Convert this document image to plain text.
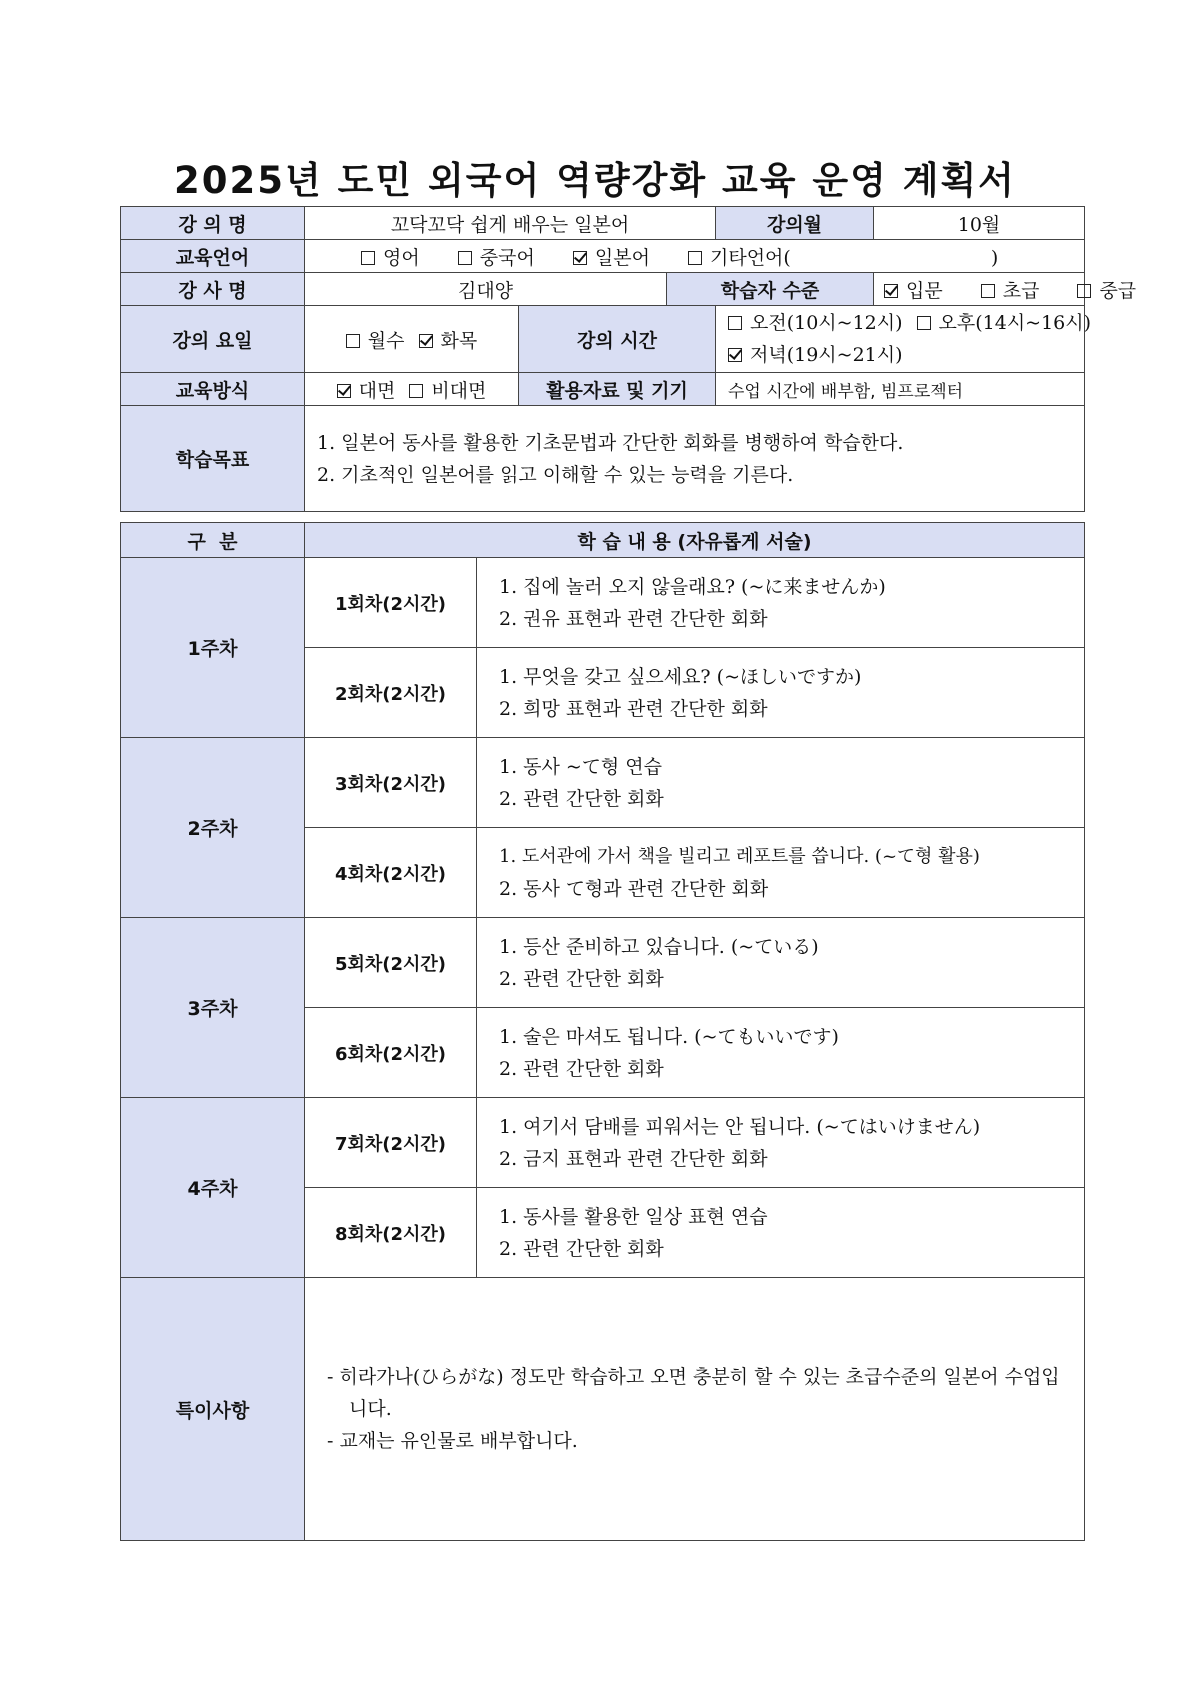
2025년 도민 외국어 역량강화 교육 운영 계획서
강 의 명	꼬닥꼬닥 쉽게 배우는 일본어			강의월	10월
교육언어	영어 중국어 일본어 기타언어( )				
강 사 명	김대양		학습자 수준		입문 초급 중급
강의 요일	월수 화목	강의 시간		오전(10시~12시) 오후(14시~16시)
저녁(19시~21시)	

교육방식	대면 비대면	활용자료 및 기기		수업 시간에 배부함, 빔프로젝터	
학습목표	1. 일본어 동사를 활용한 기초문법과 간단한 회화를 병행하여 학습한다.
2. 기초적인 일본어를 읽고 이해할 수 있는 능력을 기른다.				
구  분	학 습 내 용 (자유롭게 서술)	
1주차	1회차(2시간)	1. 집에 놀러 오지 않을래요? (~に来ませんか)
2. 권유 표현과 관련 간단한 회화

	2회차(2시간)	1. 무엇을 갖고 싶으세요? (~ほしいですか)
2. 희망 표현과 관련 간단한 회화

2주차	3회차(2시간)	1. 동사 ~て형 연습
2. 관련 간단한 회화

	4회차(2시간)	1. 도서관에 가서 책을 빌리고 레포트를 씁니다. (~て형 활용)
2. 동사 て형과 관련 간단한 회화

3주차	5회차(2시간)	1. 등산 준비하고 있습니다. (~ている)
2. 관련 간단한 회화

	6회차(2시간)	1. 술은 마셔도 됩니다. (~てもいいです)
2. 관련 간단한 회화

4주차	7회차(2시간)	1. 여기서 담배를 피워서는 안 됩니다. (~てはいけません)
2. 금지 표현과 관련 간단한 회화

	8회차(2시간)	1. 동사를 활용한 일상 표현 연습
2. 관련 간단한 회화

특이사항	- 히라가나(ひらがな) 정도만 학습하고 오면 충분히 할 수 있는 초급수준의 일본어 수업입니다.
- 교재는 유인물로 배부합니다.	
